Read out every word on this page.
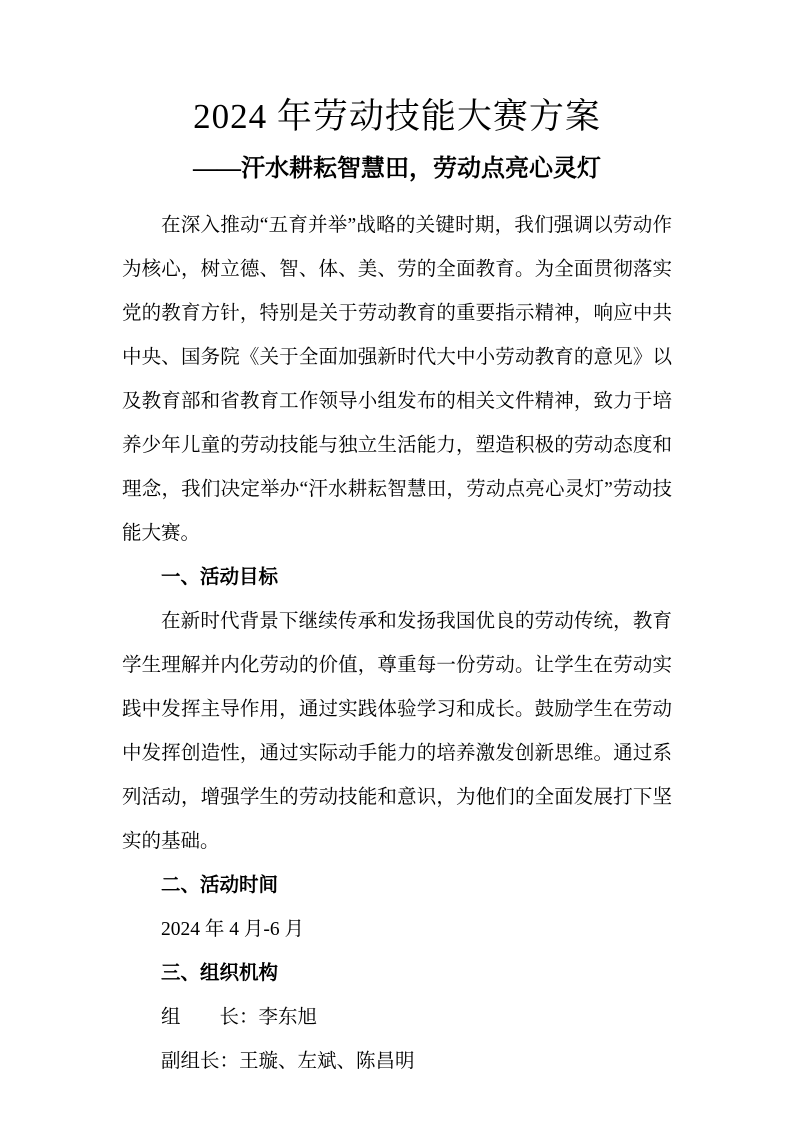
2024 年劳动技能大赛方案
——汗水耕耘智慧田，劳动点亮心灵灯

在深入推动“五育并举”战略的关键时期，我们强调以劳动作为核心，树立德、智、体、美、劳的全面教育。为全面贯彻落实党的教育方针，特别是关于劳动教育的重要指示精神，响应中共中央、国务院《关于全面加强新时代大中小劳动教育的意见》以及教育部和省教育工作领导小组发布的相关文件精神，致力于培养少年儿童的劳动技能与独立生活能力，塑造积极的劳动态度和理念，我们决定举办“汗水耕耘智慧田，劳动点亮心灵灯”劳动技能大赛。

一、活动目标

在新时代背景下继续传承和发扬我国优良的劳动传统，教育学生理解并内化劳动的价值，尊重每一份劳动。让学生在劳动实践中发挥主导作用，通过实践体验学习和成长。鼓励学生在劳动中发挥创造性，通过实际动手能力的培养激发创新思维。通过系列活动，增强学生的劳动技能和意识，为他们的全面发展打下坚实的基础。

二、活动时间

2024 年 4 月-6 月

三、组织机构

组　　长：李东旭

副组长：王璇、左斌、陈昌明
